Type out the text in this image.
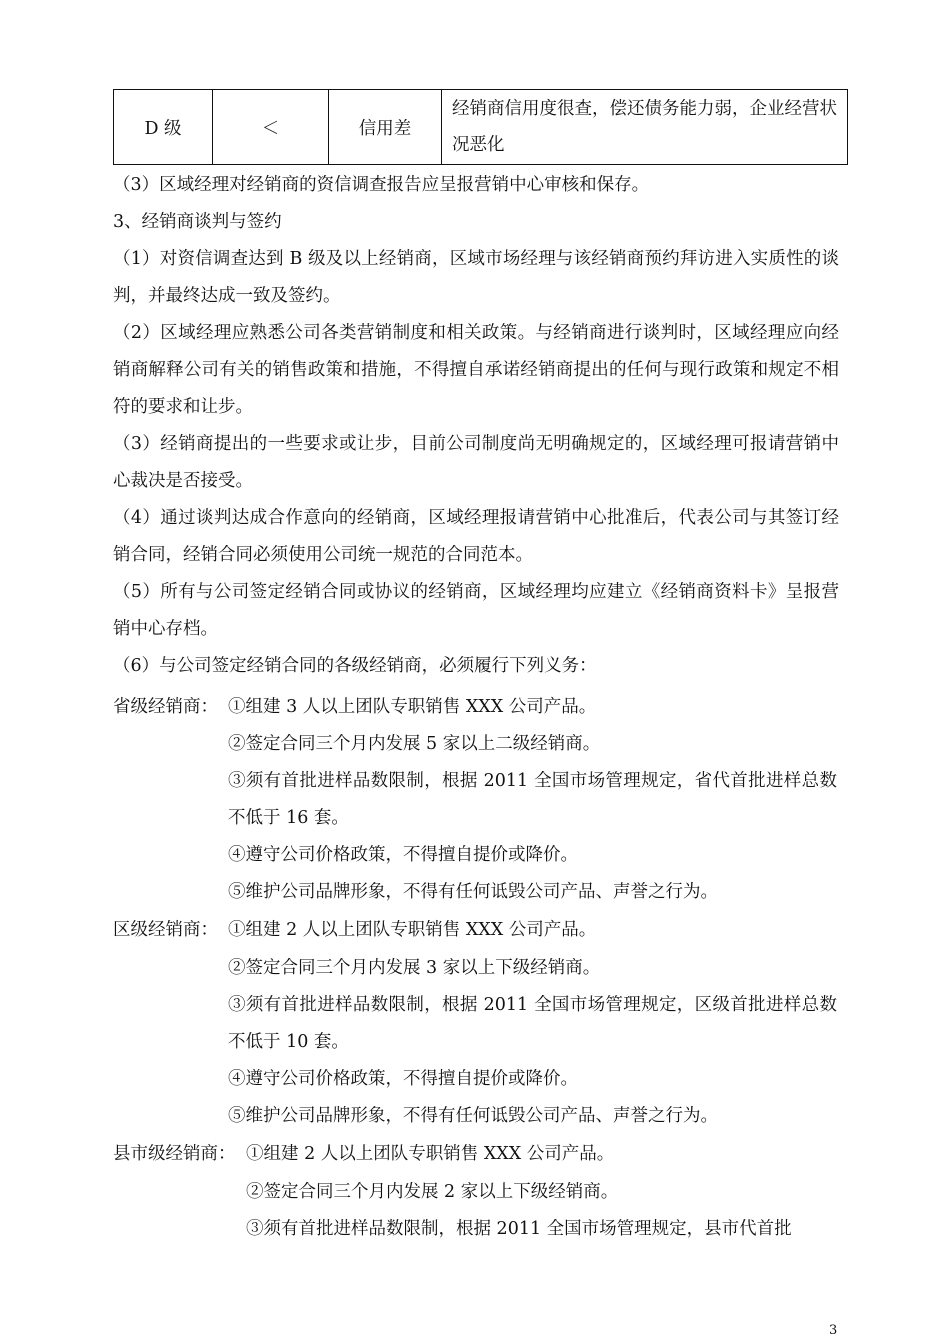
D 级	＜	信用差	经销商信用度很查，偿还债务能力弱，企业经营状况恶化
（3）区域经理对经销商的资信调查报告应呈报营销中心审核和保存。
3、经销商谈判与签约
（1）对资信调查达到 B 级及以上经销商，区域市场经理与该经销商预约拜访进入实质性的谈判，并最终达成一致及签约。
（2）区域经理应熟悉公司各类营销制度和相关政策。与经销商进行谈判时，区域经理应向经销商解释公司有关的销售政策和措施，不得擅自承诺经销商提出的任何与现行政策和规定不相符的要求和让步。
（3）经销商提出的一些要求或让步，目前公司制度尚无明确规定的，区域经理可报请营销中心裁决是否接受。
（4）通过谈判达成合作意向的经销商，区域经理报请营销中心批准后，代表公司与其签订经销合同，经销合同必须使用公司统一规范的合同范本。
（5）所有与公司签定经销合同或协议的经销商，区域经理均应建立《经销商资料卡》呈报营销中心存档。
（6）与公司签定经销合同的各级经销商，必须履行下列义务：
省级经销商： ①组建 3 人以上团队专职销售 XXX 公司产品。
②签定合同三个月内发展 5 家以上二级经销商。
③须有首批进样品数限制，根据 2011 全国市场管理规定，省代首批进样总数不低于 16 套。
④遵守公司价格政策，不得擅自提价或降价。
⑤维护公司品牌形象，不得有任何诋毁公司产品、声誉之行为。
区级经销商： ①组建 2 人以上团队专职销售 XXX 公司产品。
②签定合同三个月内发展 3 家以上下级经销商。
③须有首批进样品数限制，根据 2011 全国市场管理规定，区级首批进样总数不低于 10 套。
④遵守公司价格政策，不得擅自提价或降价。
⑤维护公司品牌形象，不得有任何诋毁公司产品、声誉之行为。
县市级经销商： ①组建 2 人以上团队专职销售 XXX 公司产品。
②签定合同三个月内发展 2 家以上下级经销商。
③须有首批进样品数限制，根据 2011 全国市场管理规定，县市代首批
3
